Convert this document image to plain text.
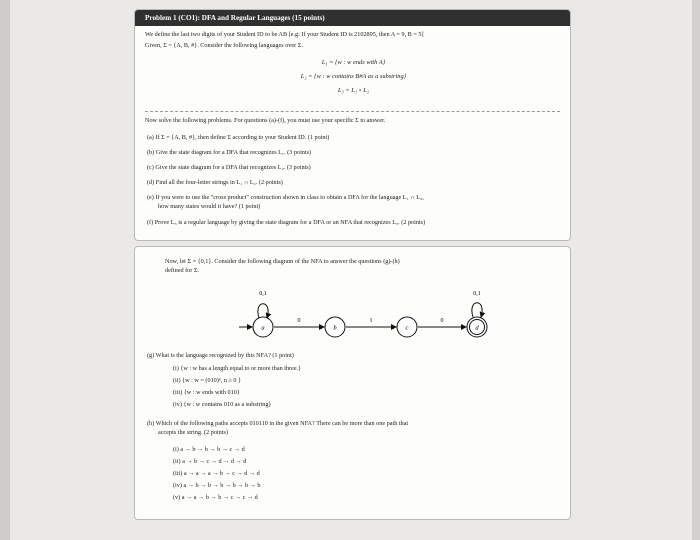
Problem 1 (CO1): DFA and Regular Languages (15 points)
We define the last two digits of your Student ID to be AB [e.g: If your Student ID is 2102895, then A = 9, B = 5]
Given, Σ = {A, B, #}. Consider the following languages over Σ.
L₁ = {w : w ends with A}
L₂ = {w : w contains B#A as a substring}
L₃ = L₁ ∘ L₂
Now solve the following problems. For questions (a)-(f), you must use your specific Σ to answer.
(a) If Σ = {A, B, #}, then define Σ according to your Student ID. (1 point)
(b) Give the state diagram for a DFA that recognizes L₁. (3 points)
(c) Give the state diagram for a DFA that recognizes L₂. (3 points)
(d) Find all the four-letter strings in L₁ ∩ L₂. (2 points)
(e) If you were to use the "cross product" construction shown in class to obtain a DFA for the language L₁ ∩ L₂,
how many states would it have? (1 point)
(f) Prove L₃ is a regular language by giving the state diagram for a DFA or an NFA that recognizes L₃. (2 points)
Now, let Σ = {0,1}. Consider the following diagram of the NFA to answer the questions (g)-(h)
defined for Σ.
a	b	c	d
0,1	0,1
0	1	0
(g) What is the language recognized by this NFA? (1 point)
(i) {w : w has a length equal to or more than three.}
(ii) {w : w = (010)ⁿ, n ≥ 0 }
(iii) {w : w ends with 010}
(iv) {w : w contains 010 as a substring}
(h) Which of the following paths accepts 010110 in the given NFA? There can be more than one path that
accepts the string. (2 points)
(i) a → b → b → b → c → d
(ii) a → b → c → d → d → d
(iii) a → a → a → b → c → d → d
(iv) a → b → b → b → b → b → b
(v) a → a → b → b → c → c → d
